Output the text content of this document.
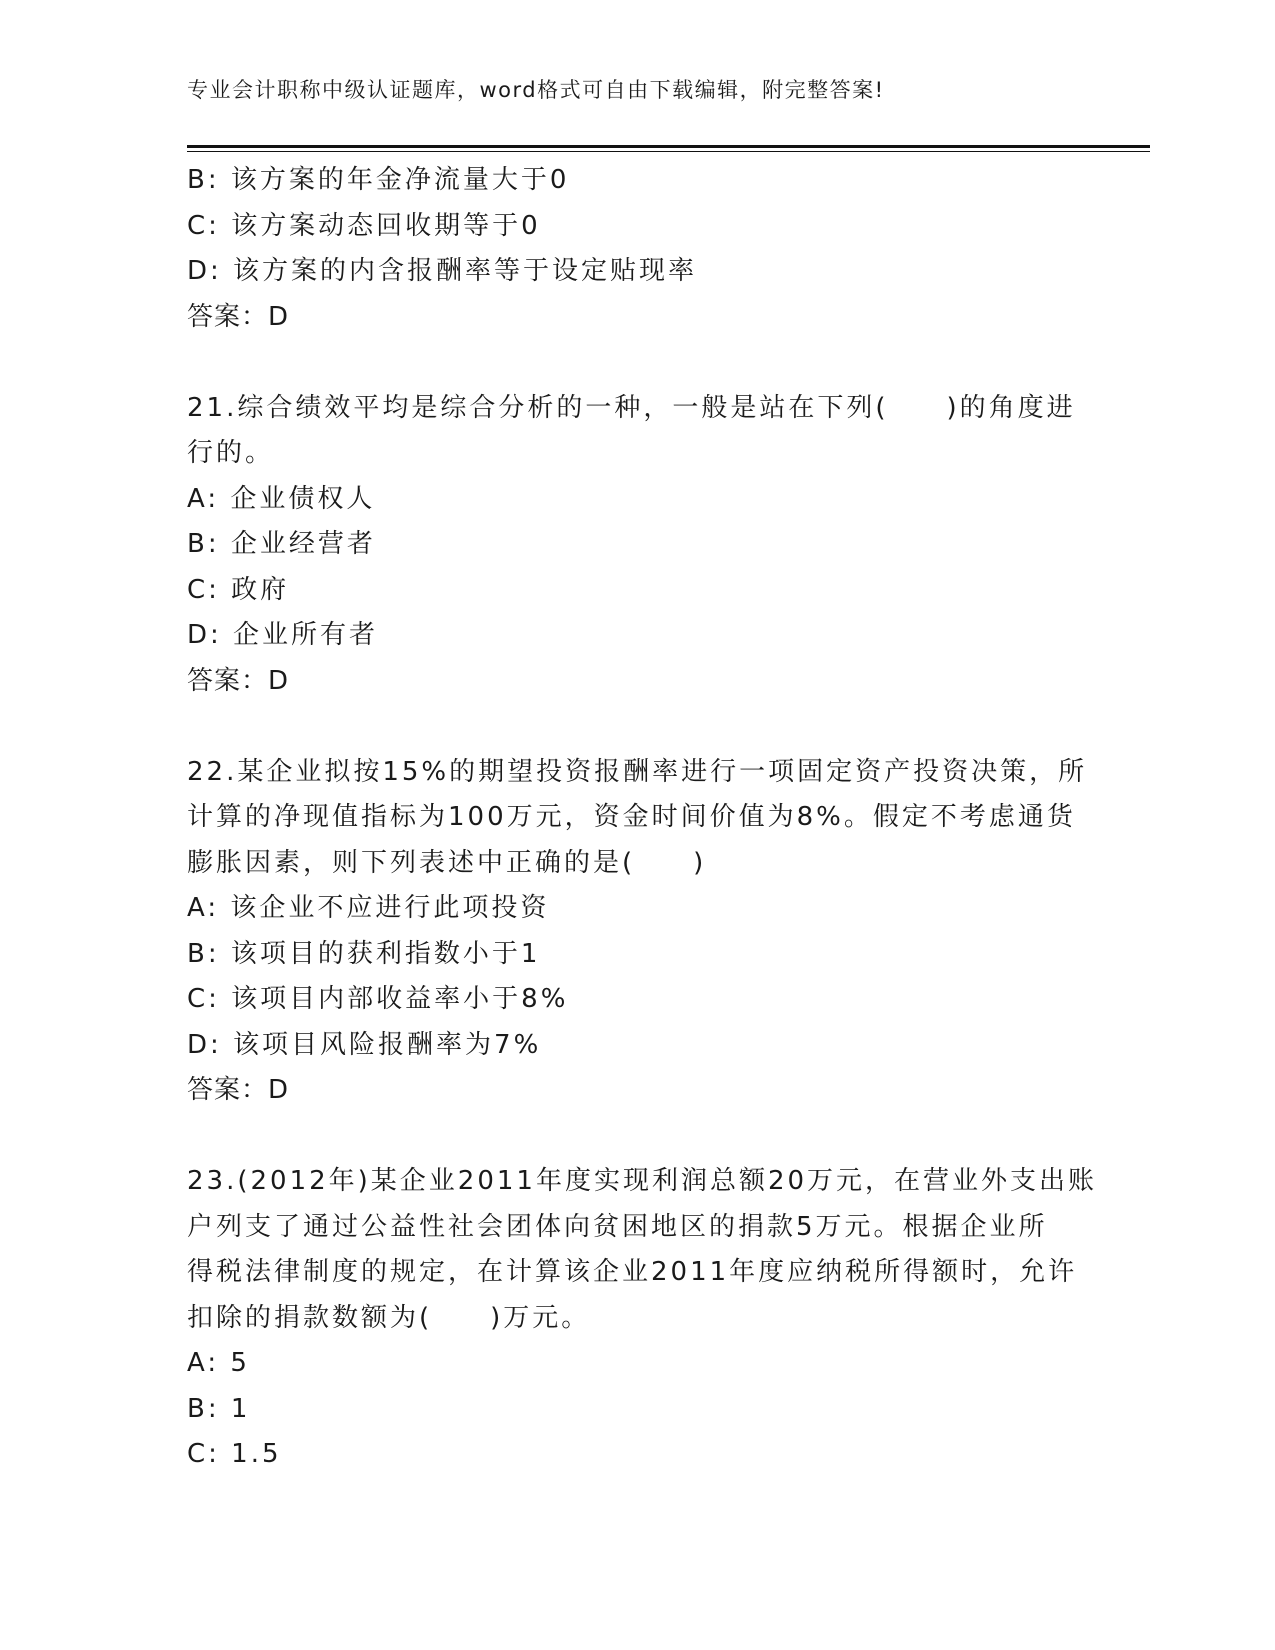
专业会计职称中级认证题库，word格式可自由下载编辑，附完整答案!
B: 该方案的年金净流量大于0
C: 该方案动态回收期等于0
D: 该方案的内含报酬率等于设定贴现率
答案：D
21.综合绩效平均是综合分析的一种，一般是站在下列(　　)的角度进
行的。
A: 企业债权人
B: 企业经营者
C: 政府
D: 企业所有者
答案：D
22.某企业拟按15%的期望投资报酬率进行一项固定资产投资决策，所
计算的净现值指标为100万元，资金时间价值为8%。假定不考虑通货
膨胀因素，则下列表述中正确的是(　　)
A: 该企业不应进行此项投资
B: 该项目的获利指数小于1
C: 该项目内部收益率小于8%
D: 该项目风险报酬率为7%
答案：D
23.(2012年)某企业2011年度实现利润总额20万元，在营业外支出账
户列支了通过公益性社会团体向贫困地区的捐款5万元。根据企业所
得税法律制度的规定，在计算该企业2011年度应纳税所得额时，允许
扣除的捐款数额为(　　)万元。
A: 5
B: 1
C: 1.5
